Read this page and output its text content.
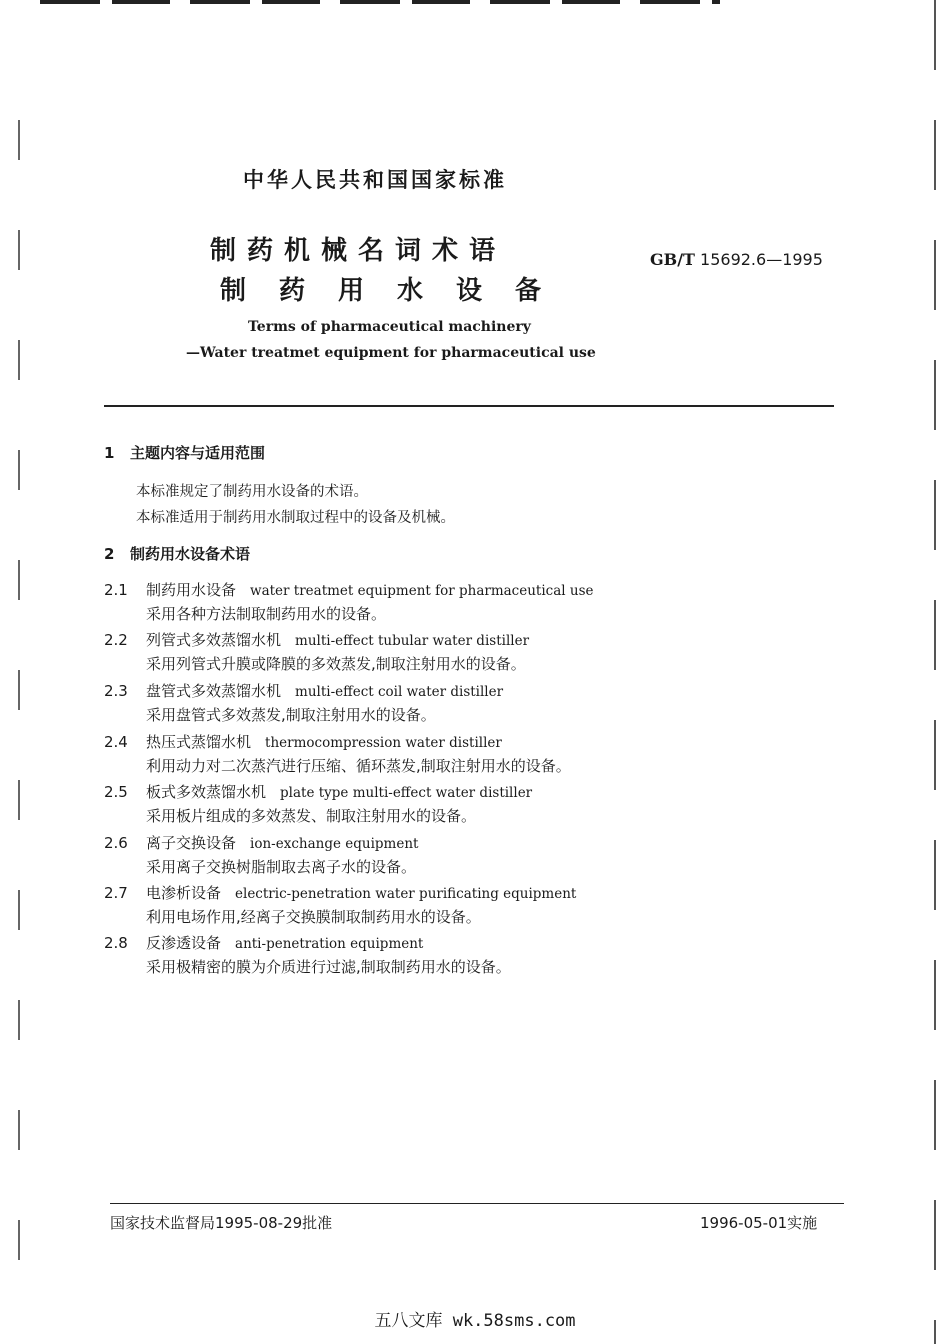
中华人民共和国国家标准
制药机械名词术语
制药用水设备
GB/T 15692.6—1995
Terms of pharmaceutical machinery
—Water treatmet equipment for pharmaceutical use
1 主题内容与适用范围
本标准规定了制药用水设备的术语。
本标准适用于制药用水制取过程中的设备及机械。
2 制药用水设备术语
2.1 制药用水设备 water treatmet equipment for pharmaceutical use
采用各种方法制取制药用水的设备。
2.2 列管式多效蒸馏水机 multi-effect tubular water distiller
采用列管式升膜或降膜的多效蒸发,制取注射用水的设备。
2.3 盘管式多效蒸馏水机 multi-effect coil water distiller
采用盘管式多效蒸发,制取注射用水的设备。
2.4 热压式蒸馏水机 thermocompression water distiller
利用动力对二次蒸汽进行压缩、循环蒸发,制取注射用水的设备。
2.5 板式多效蒸馏水机 plate type multi-effect water distiller
采用板片组成的多效蒸发、制取注射用水的设备。
2.6 离子交换设备 ion-exchange equipment
采用离子交换树脂制取去离子水的设备。
2.7 电渗析设备 electric-penetration water purificating equipment
利用电场作用,经离子交换膜制取制药用水的设备。
2.8 反渗透设备 anti-penetration equipment
采用极精密的膜为介质进行过滤,制取制药用水的设备。
国家技术监督局1995-08-29批准	1996-05-01实施
五八文库 wk.58sms.com
